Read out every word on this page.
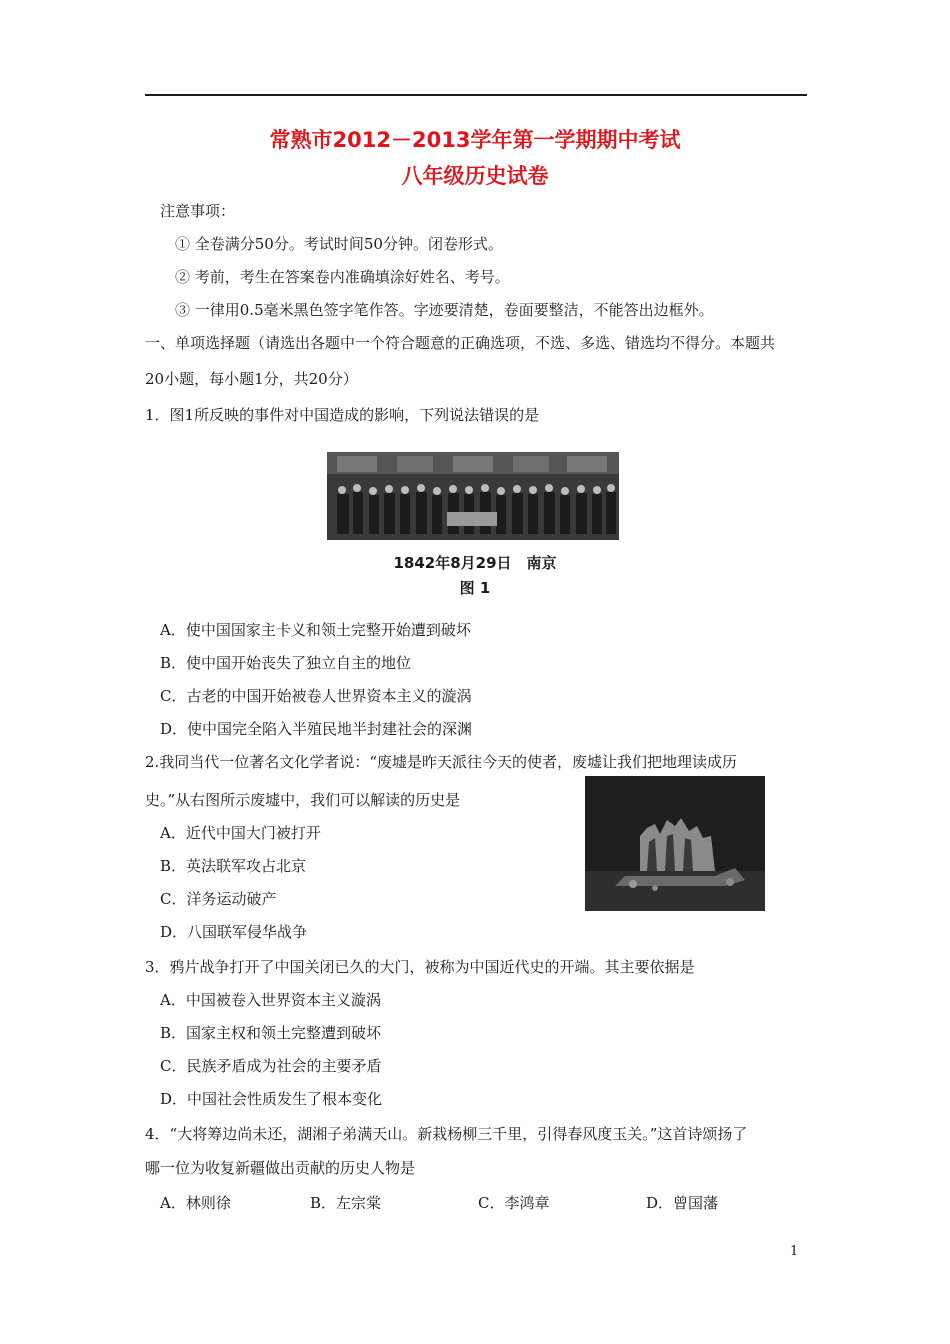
常熟市2012－2013学年第一学期期中考试
八年级历史试卷
注意事项：
① 全卷满分50分。考试时间50分钟。闭卷形式。
② 考前，考生在答案卷内准确填涂好姓名、考号。
③ 一律用0.5毫米黑色签字笔作答。字迹要清楚，卷面要整洁，不能答出边框外。
一、单项选择题（请选出各题中一个符合题意的正确选项，不选、多选、错选均不得分。本题共
20小题，每小题1分，共20分）
1．图1所反映的事件对中国造成的影响，下列说法错误的是
1842年8月29日　南京
图 1
A．使中国国家主卡义和领土完整开始遭到破坏
B．使中国开始丧失了独立自主的地位
C．古老的中国开始被卷人世界资本主义的漩涡
D．使中国完全陷入半殖民地半封建社会的深渊
2.我同当代一位著名文化学者说：“废墟是昨天派往今天的使者，废墟让我们把地理读成历
史。”从右图所示废墟中，我们可以解读的历史是
A．近代中国大门被打开
B．英法联军攻占北京
C．洋务运动破产
D．八国联军侵华战争
3．鸦片战争打开了中国关闭已久的大门，被称为中国近代史的开端。其主要依据是
A．中国被卷入世界资本主义漩涡
B．国家主权和领土完整遭到破坏
C．民族矛盾成为社会的主要矛盾
D．中国社会性质发生了根本变化
4．“大将筹边尚未还，湖湘子弟满天山。新栽杨柳三千里，引得春风度玉关。”这首诗颂扬了
哪一位为收复新疆做出贡献的历史人物是
A．林则徐	B．左宗棠	C．李鸿章	D．曾国藩
1
